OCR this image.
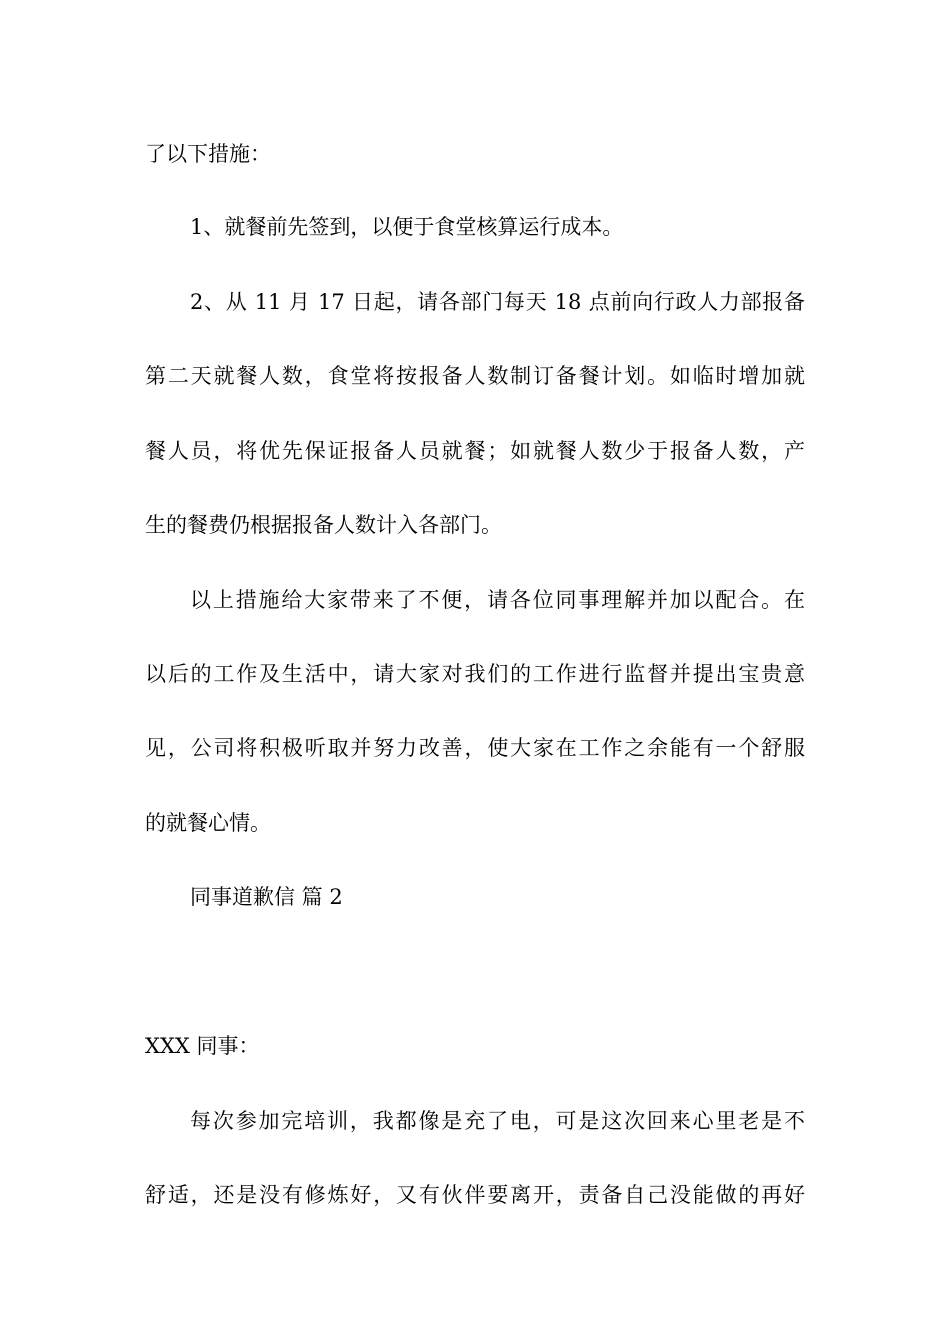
了以下措施：
1、就餐前先签到，以便于食堂核算运行成本。
2、从 11 月 17 日起，请各部门每天 18 点前向行政人力部报备
第二天就餐人数，食堂将按报备人数制订备餐计划。如临时增加就
餐人员，将优先保证报备人员就餐；如就餐人数少于报备人数，产
生的餐费仍根据报备人数计入各部门。
以上措施给大家带来了不便，请各位同事理解并加以配合。在
以后的工作及生活中，请大家对我们的工作进行监督并提出宝贵意
见，公司将积极听取并努力改善，使大家在工作之余能有一个舒服
的就餐心情。
同事道歉信 篇 2
XXX 同事：
每次参加完培训，我都像是充了电，可是这次回来心里老是不
舒适，还是没有修炼好，又有伙伴要离开，责备自己没能做的再好
